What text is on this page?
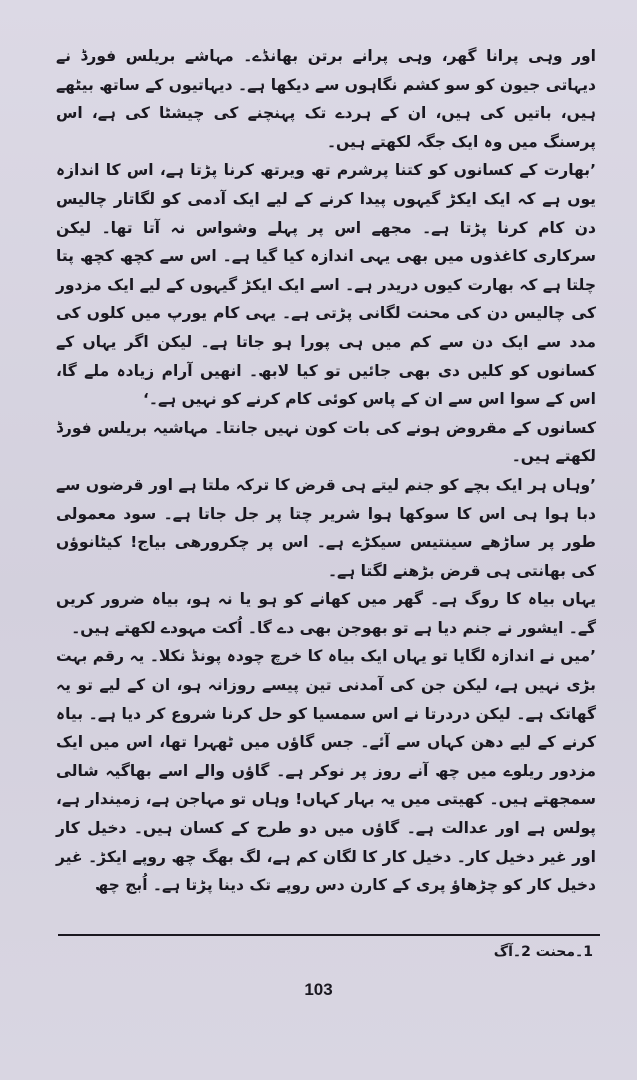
اور وہی پرانا گھر، وہی پرانے برتن بھانڈے۔ مہاشے بریلس فورڈ نے دیہاتی جیون کو سو کشم نگاہوں سے دیکھا ہے۔ دیہاتیوں کے ساتھ بیٹھے ہیں، باتیں کی ہیں، ان کے ہردے تک پہنچنے کی چیشٹا کی ہے، اس پرسنگ میں وہ ایک جگہ لکھتے ہیں۔

’بھارت کے کسانوں کو کتنا پرشرم تھ ویرتھ کرنا پڑتا ہے، اس کا اندازہ یوں ہے کہ ایک ایکڑ گیہوں پیدا کرنے کے لیے ایک آدمی کو لگاتار چالیس دن کام کرنا پڑتا ہے۔ مجھے اس پر پہلے وشواس نہ آتا تھا۔ لیکن سرکاری کاغذوں میں بھی یہی اندازہ کیا گیا ہے۔ اس سے کچھ کچھ پتا چلتا ہے کہ بھارت کیوں دریدر ہے۔ اسے ایک ایکڑ گیہوں کے لیے ایک مزدور کی چالیس دن کی محنت لگانی پڑتی ہے۔ یہی کام یورپ میں کلوں کی مدد سے ایک دن سے کم میں ہی پورا ہو جاتا ہے۔ لیکن اگر یہاں کے کسانوں کو کلیں دی بھی جائیں تو کیا لابھ۔ انھیں آرام زیادہ ملے گا، اس کے سوا اس سے ان کے پاس کوئی کام کرنے کو نہیں ہے۔‘

کسانوں کے مقروض ہونے کی بات کون نہیں جانتا۔ مہاشیہ بریلس فورڈ لکھتے ہیں۔

’وہاں ہر ایک بچے کو جنم لیتے ہی قرض کا ترکہ ملتا ہے اور قرضوں سے دبا ہوا ہی اس کا سوکھا ہوا شریر چتا پر جل جاتا ہے۔ سود معمولی طور پر ساڑھے سینتیس سیکڑے ہے۔ اس پر چکرورھی بیاج! کیٹانوؤں کی بھانتی ہی قرض بڑھنے لگتا ہے۔

یہاں بیاہ کا روگ ہے۔ گھر میں کھانے کو ہو یا نہ ہو، بیاہ ضرور کریں گے۔ ایشور نے جنم دیا ہے تو بھوجن بھی دے گا۔ اُکت مہودے لکھتے ہیں۔

’میں نے اندازہ لگایا تو یہاں ایک بیاہ کا خرچ چودہ پونڈ نکلا۔ یہ رقم بہت بڑی نہیں ہے، لیکن جن کی آمدنی تین پیسے روزانہ ہو، ان کے لیے تو یہ گھاتک ہے۔ لیکن دردرتا نے اس سمسیا کو حل کرنا شروع کر دیا ہے۔ بیاہ کرنے کے لیے دھن کہاں سے آئے۔ جس گاؤں میں ٹھہرا تھا، اس میں ایک مزدور ریلوے میں چھ آنے روز پر نوکر ہے۔ گاؤں والے اسے بھاگیہ شالی سمجھتے ہیں۔ کھیتی میں یہ بہار کہاں! وہاں تو مہاجن ہے، زمیندار ہے، پولس ہے اور عدالت ہے۔ گاؤں میں دو طرح کے کسان ہیں۔ دخیل کار اور غیر دخیل کار۔ دخیل کار کا لگان کم ہے، لگ بھگ چھ روپے ایکڑ۔ غیر دخیل کار کو چڑھاؤ پری کے کارن دس روپے تک دینا پڑتا ہے۔ اُبج چھ

1۔محنت 2۔آگ
103
